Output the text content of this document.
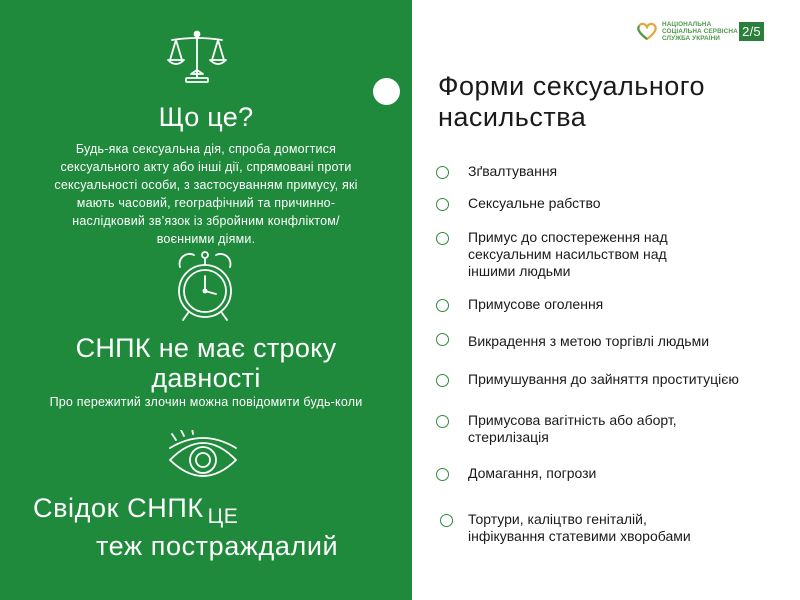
Що це?
Будь-яка сексуальна дія, спроба домогтися
сексуального акту або інші дії, спрямовані проти
сексуальності особи, з застосуванням примусу, які
мають часовий, географічний та причинно-
наслідковий зв’язок із збройним конфліктом/
воєнними діями.
СНПК не має строку
давності
Про пережитий злочин можна повідомити будь-коли
Свідок СНПК $_{ЦЕ}$
теж постраждалий
НАЦІОНАЛЬНА
СОЦІАЛЬНА СЕРВІСНА
СЛУЖБА УКРАЇНИ	2/5
Форми сексуального
насильства
Зґвалтування
Сексуальне рабство
Примус до спостереження над
сексуальним насильством над
іншими людьми
Примусове оголення
Викрадення з метою торгівлі людьми
Примушування до зайняття проституцією
Примусова вагітність або аборт,
стерилізація
Домагання, погрози
Тортури, каліцтво геніталій,
інфікування статевими хворобами
